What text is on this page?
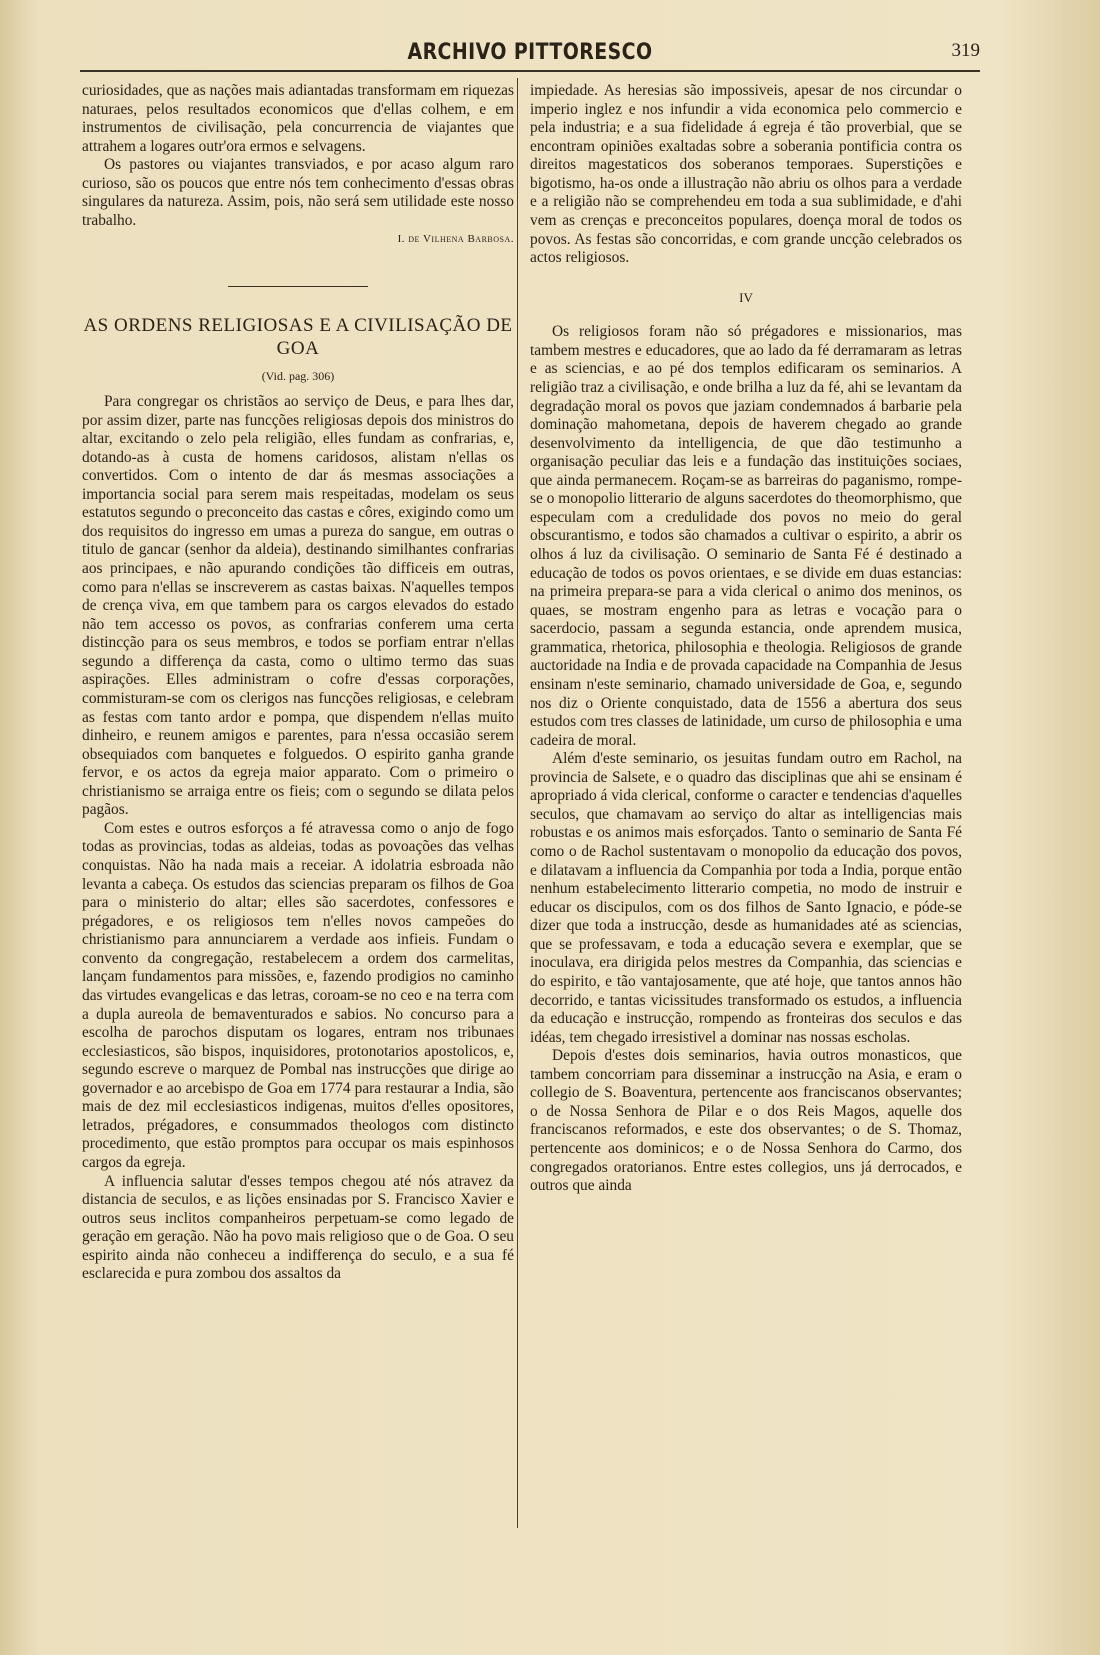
ARCHIVO PITTORESCO	319

curiosidades, que as nações mais adiantadas transformam em riquezas naturaes, pelos resultados economicos que d'ellas colhem, e em instrumentos de civilisação, pela concurrencia de viajantes que attrahem a logares outr'ora ermos e selvagens.

Os pastores ou viajantes transviados, e por acaso algum raro curioso, são os poucos que entre nós tem conhecimento d'essas obras singulares da natureza. Assim, pois, não será sem utilidade este nosso trabalho.

I. de Vilhena Barbosa.
AS ORDENS RELIGIOSAS E A CIVILISAÇÃO DE GOA
(Vid. pag. 306)

Para congregar os christãos ao serviço de Deus, e para lhes dar, por assim dizer, parte nas funcções religiosas depois dos ministros do altar, excitando o zelo pela religião, elles fundam as confrarias, e, dotando-as à custa de homens caridosos, alistam n'ellas os convertidos. Com o intento de dar ás mesmas associações a importancia social para serem mais respeitadas, modelam os seus estatutos segundo o preconceito das castas e côres, exigindo como um dos requisitos do ingresso em umas a pureza do sangue, em outras o titulo de gancar (senhor da aldeia), destinando similhantes confrarias aos principaes, e não apurando condições tão difficeis em outras, como para n'ellas se inscreverem as castas baixas. N'aquelles tempos de crença viva, em que tambem para os cargos elevados do estado não tem accesso os povos, as confrarias conferem uma certa distincção para os seus membros, e todos se porfiam entrar n'ellas segundo a differença da casta, como o ultimo termo das suas aspirações. Elles administram o cofre d'essas corporações, commisturam-se com os clerigos nas funcções religiosas, e celebram as festas com tanto ardor e pompa, que dispendem n'ellas muito dinheiro, e reunem amigos e parentes, para n'essa occasião serem obsequiados com banquetes e folguedos. O espirito ganha grande fervor, e os actos da egreja maior apparato. Com o primeiro o christianismo se arraiga entre os fieis; com o segundo se dilata pelos pagãos.

Com estes e outros esforços a fé atravessa como o anjo de fogo todas as provincias, todas as aldeias, todas as povoações das velhas conquistas. Não ha nada mais a receiar. A idolatria esbroada não levanta a cabeça. Os estudos das sciencias preparam os filhos de Goa para o ministerio do altar; elles são sacerdotes, confessores e prégadores, e os religiosos tem n'elles novos campeões do christianismo para annunciarem a verdade aos infieis. Fundam o convento da congregação, restabelecem a ordem dos carmelitas, lançam fundamentos para missões, e, fazendo prodigios no caminho das virtudes evangelicas e das letras, coroam-se no ceo e na terra com a dupla aureola de bemaventurados e sabios. No concurso para a escolha de parochos disputam os logares, entram nos tribunaes ecclesiasticos, são bispos, inquisidores, protonotarios apostolicos, e, segundo escreve o marquez de Pombal nas instrucções que dirige ao governador e ao arcebispo de Goa em 1774 para restaurar a India, são mais de dez mil ecclesiasticos indigenas, muitos d'elles opositores, letrados, prégadores, e consummados theologos com distincto procedimento, que estão promptos para occupar os mais espinhosos cargos da egreja.

A influencia salutar d'esses tempos chegou até nós atravez da distancia de seculos, e as lições ensinadas por S. Francisco Xavier e outros seus inclitos companheiros perpetuam-se como legado de geração em geração. Não ha povo mais religioso que o de Goa. O seu espirito ainda não conheceu a indifferença do seculo, e a sua fé esclarecida e pura zombou dos assaltos da

impiedade. As heresias são impossiveis, apesar de nos circundar o imperio inglez e nos infundir a vida economica pelo commercio e pela industria; e a sua fidelidade á egreja é tão proverbial, que se encontram opiniões exaltadas sobre a soberania pontificia contra os direitos magestaticos dos soberanos temporaes. Superstições e bigotismo, ha-os onde a illustração não abriu os olhos para a verdade e a religião não se comprehendeu em toda a sua sublimidade, e d'ahi vem as crenças e preconceitos populares, doença moral de todos os povos. As festas são concorridas, e com grande uncção celebrados os actos religiosos.

IV

Os religiosos foram não só prégadores e missionarios, mas tambem mestres e educadores, que ao lado da fé derramaram as letras e as sciencias, e ao pé dos templos edificaram os seminarios. A religião traz a civilisação, e onde brilha a luz da fé, ahi se levantam da degradação moral os povos que jaziam condemnados á barbarie pela dominação mahometana, depois de haverem chegado ao grande desenvolvimento da intelligencia, de que dão testimunho a organisação peculiar das leis e a fundação das instituições sociaes, que ainda permanecem. Roçam-se as barreiras do paganismo, rompe-se o monopolio litterario de alguns sacerdotes do theomorphismo, que especulam com a credulidade dos povos no meio do geral obscurantismo, e todos são chamados a cultivar o espirito, a abrir os olhos á luz da civilisação. O seminario de Santa Fé é destinado a educação de todos os povos orientaes, e se divide em duas estancias: na primeira prepara-se para a vida clerical o animo dos meninos, os quaes, se mostram engenho para as letras e vocação para o sacerdocio, passam a segunda estancia, onde aprendem musica, grammatica, rhetorica, philosophia e theologia. Religiosos de grande auctoridade na India e de provada capacidade na Companhia de Jesus ensinam n'este seminario, chamado universidade de Goa, e, segundo nos diz o Oriente conquistado, data de 1556 a abertura dos seus estudos com tres classes de latinidade, um curso de philosophia e uma cadeira de moral.

Além d'este seminario, os jesuitas fundam outro em Rachol, na provincia de Salsete, e o quadro das disciplinas que ahi se ensinam é apropriado á vida clerical, conforme o caracter e tendencias d'aquelles seculos, que chamavam ao serviço do altar as intelligencias mais robustas e os animos mais esforçados. Tanto o seminario de Santa Fé como o de Rachol sustentavam o monopolio da educação dos povos, e dilatavam a influencia da Companhia por toda a India, porque então nenhum estabelecimento litterario competia, no modo de instruir e educar os discipulos, com os dos filhos de Santo Ignacio, e póde-se dizer que toda a instrucção, desde as humanidades até as sciencias, que se professavam, e toda a educação severa e exemplar, que se inoculava, era dirigida pelos mestres da Companhia, das sciencias e do espirito, e tão vantajosamente, que até hoje, que tantos annos hão decorrido, e tantas vicissitudes transformado os estudos, a influencia da educação e instrucção, rompendo as fronteiras dos seculos e das idéas, tem chegado irresistivel a dominar nas nossas escholas.

Depois d'estes dois seminarios, havia outros monasticos, que tambem concorriam para disseminar a instrucção na Asia, e eram o collegio de S. Boaventura, pertencente aos franciscanos observantes; o de Nossa Senhora de Pilar e o dos Reis Magos, aquelle dos franciscanos reformados, e este dos observantes; o de S. Thomaz, pertencente aos dominicos; e o de Nossa Senhora do Carmo, dos congregados oratorianos. Entre estes collegios, uns já derrocados, e outros que ainda
